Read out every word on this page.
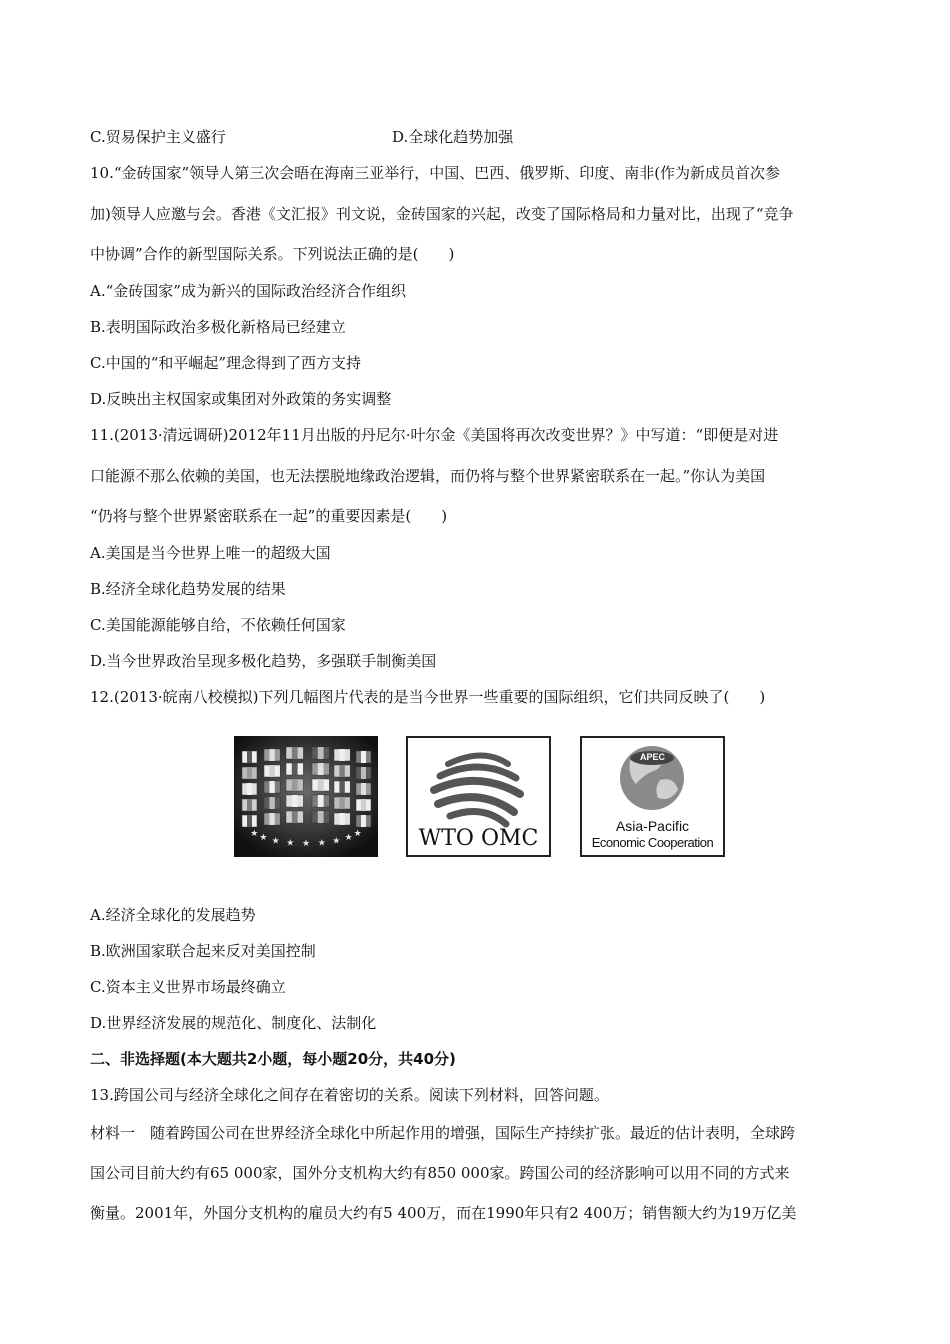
C.贸易保护主义盛行	D.全球化趋势加强
10.“金砖国家”领导人第三次会晤在海南三亚举行，中国、巴西、俄罗斯、印度、南非(作为新成员首次参
加)领导人应邀与会。香港《文汇报》刊文说，金砖国家的兴起，改变了国际格局和力量对比，出现了“竞争
中协调”合作的新型国际关系。下列说法正确的是(　　)
A.“金砖国家”成为新兴的国际政治经济合作组织
B.表明国际政治多极化新格局已经建立
C.中国的“和平崛起”理念得到了西方支持
D.反映出主权国家或集团对外政策的务实调整
11.(2013·清远调研)2012年11月出版的丹尼尔·叶尔金《美国将再次改变世界？》中写道：“即便是对进
口能源不那么依赖的美国，也无法摆脱地缘政治逻辑，而仍将与整个世界紧密联系在一起。”你认为美国
“仍将与整个世界紧密联系在一起”的重要因素是(　　)
A.美国是当今世界上唯一的超级大国
B.经济全球化趋势发展的结果
C.美国能源能够自给，不依赖任何国家
D.当今世界政治呈现多极化趋势，多强联手制衡美国
12.(2013·皖南八校模拟)下列几幅图片代表的是当今世界一些重要的国际组织，它们共同反映了(　　)
★ ★ ★ ★ ★ ★ ★ ★ ★	WTO OMC
APEC
Asia-Pacific
Economic Cooperation
A.经济全球化的发展趋势
B.欧洲国家联合起来反对美国控制
C.资本主义世界市场最终确立
D.世界经济发展的规范化、制度化、法制化
二、非选择题(本大题共2小题，每小题20分，共40分)
13.跨国公司与经济全球化之间存在着密切的关系。阅读下列材料，回答问题。
材料一　随着跨国公司在世界经济全球化中所起作用的增强，国际生产持续扩张。最近的估计表明，全球跨
国公司目前大约有65 000家，国外分支机构大约有850 000家。跨国公司的经济影响可以用不同的方式来
衡量。2001年，外国分支机构的雇员大约有5 400万，而在1990年只有2 400万；销售额大约为19万亿美
